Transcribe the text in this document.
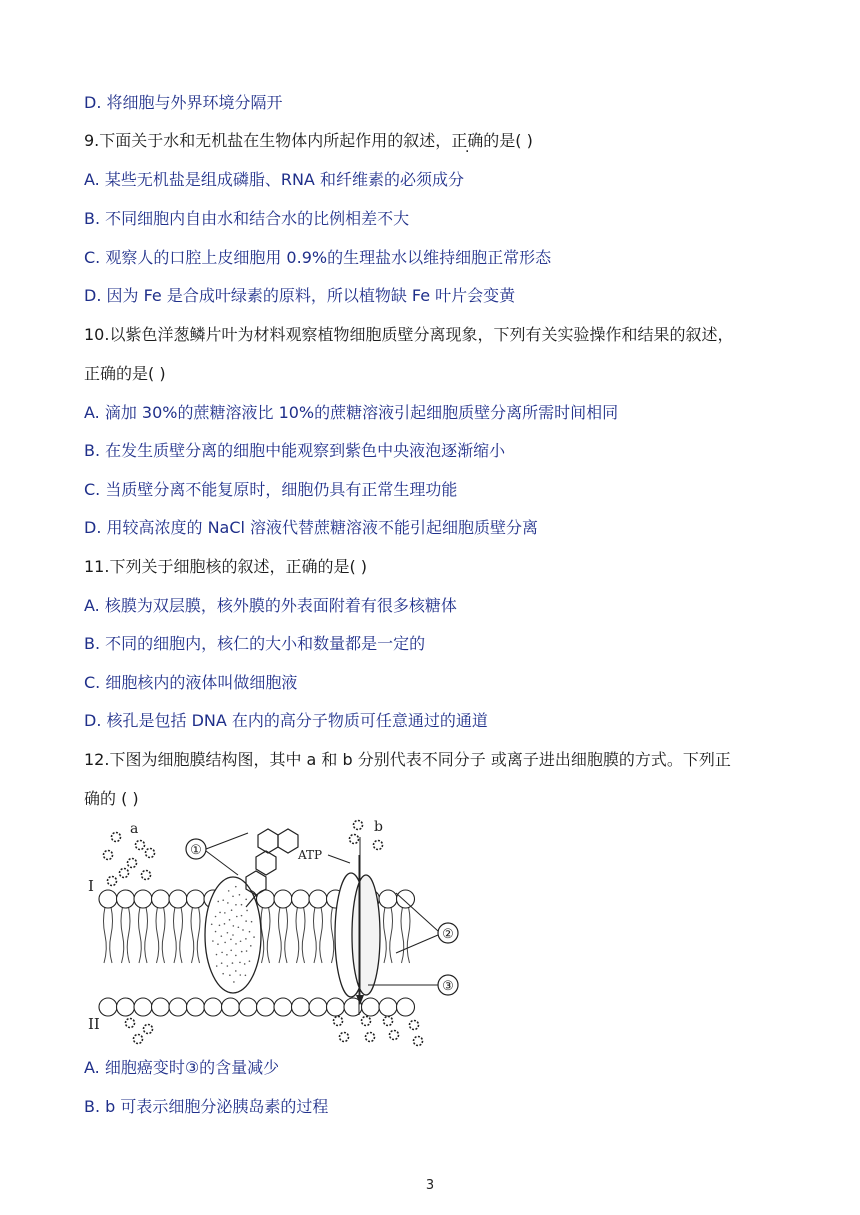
D. 将细胞与外界环境分隔开
9.下面关于水和无机盐在生物体内所起作用的叙述，正确的是( )
A. 某些无机盐是组成磷脂、RNA 和纤维素的必须成分
B. 不同细胞内自由水和结合水的比例相差不大
C. 观察人的口腔上皮细胞用 0.9%的生理盐水以维持细胞正常形态
D. 因为 Fe 是合成叶绿素的原料，所以植物缺 Fe 叶片会变黄
10.以紫色洋葱鳞片叶为材料观察植物细胞质壁分离现象，下列有关实验操作和结果的叙述，
正确的是( )
A. 滴加 30%的蔗糖溶液比 10%的蔗糖溶液引起细胞质壁分离所需时间相同
B. 在发生质壁分离的细胞中能观察到紫色中央液泡逐渐缩小
C. 当质壁分离不能复原时，细胞仍具有正常生理功能
D. 用较高浓度的 NaCl 溶液代替蔗糖溶液不能引起细胞质壁分离
11.下列关于细胞核的叙述，正确的是( )
A. 核膜为双层膜，核外膜的外表面附着有很多核糖体
B. 不同的细胞内，核仁的大小和数量都是一定的
C. 细胞核内的液体叫做细胞液
D. 核孔是包括 DNA 在内的高分子物质可任意通过的通道
12.下图为细胞膜结构图，其中 a 和 b 分别代表不同分子 或离子进出细胞膜的方式。下列正
确的 ( )
①	ATP
b
a
I
II
②
③
A. 细胞癌变时③的含量减少
B. b 可表示细胞分泌胰岛素的过程
3
